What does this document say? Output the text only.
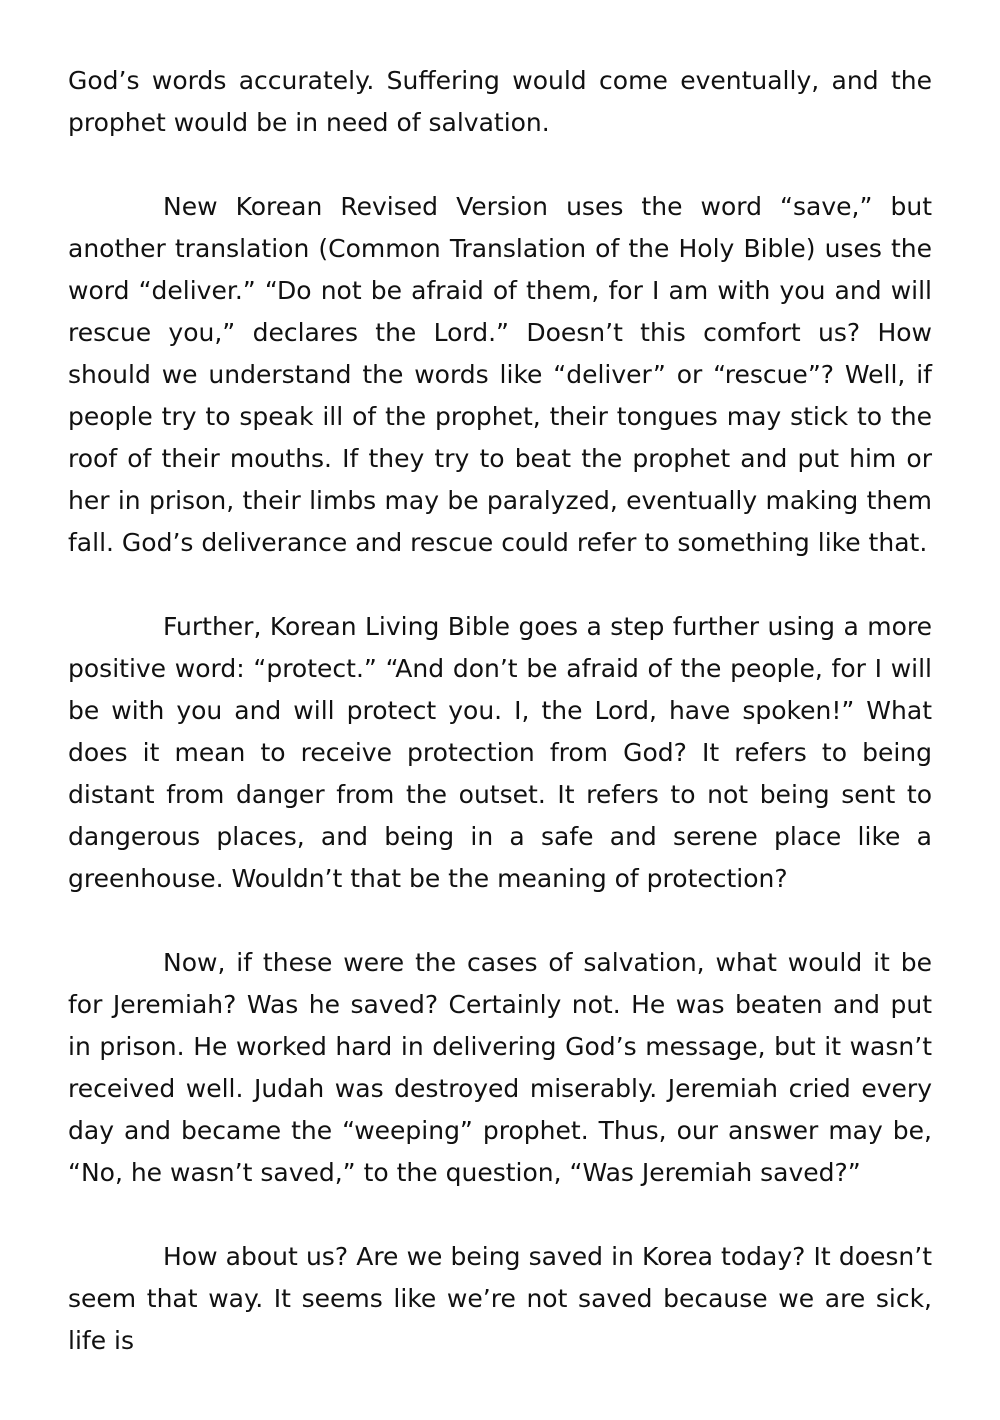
God’s words accurately. Suffering would come eventually, and the prophet would be in need of salvation.

New Korean Revised Version uses the word “save,” but another translation (Common Translation of the Holy Bible) uses the word “deliver.” “Do not be afraid of them, for I am with you and will rescue you,” declares the Lord.” Doesn’t this comfort us? How should we understand the words like “deliver” or “rescue”? Well, if people try to speak ill of the prophet, their tongues may stick to the roof of their mouths. If they try to beat the prophet and put him or her in prison, their limbs may be paralyzed, eventually making them fall. God’s deliverance and rescue could refer to something like that.

Further, Korean Living Bible goes a step further using a more positive word: “protect.” “And don’t be afraid of the people, for I will be with you and will protect you. I, the Lord, have spoken!” What does it mean to receive protection from God? It refers to being distant from danger from the outset. It refers to not being sent to dangerous places, and being in a safe and serene place like a greenhouse. Wouldn’t that be the meaning of protection?

Now, if these were the cases of salvation, what would it be for Jeremiah? Was he saved? Certainly not. He was beaten and put in prison. He worked hard in delivering God’s message, but it wasn’t received well. Judah was destroyed miserably. Jeremiah cried every day and became the “weeping” prophet. Thus, our answer may be, “No, he wasn’t saved,” to the question, “Was Jeremiah saved?”

How about us? Are we being saved in Korea today? It doesn’t seem that way. It seems like we’re not saved because we are sick, life is
